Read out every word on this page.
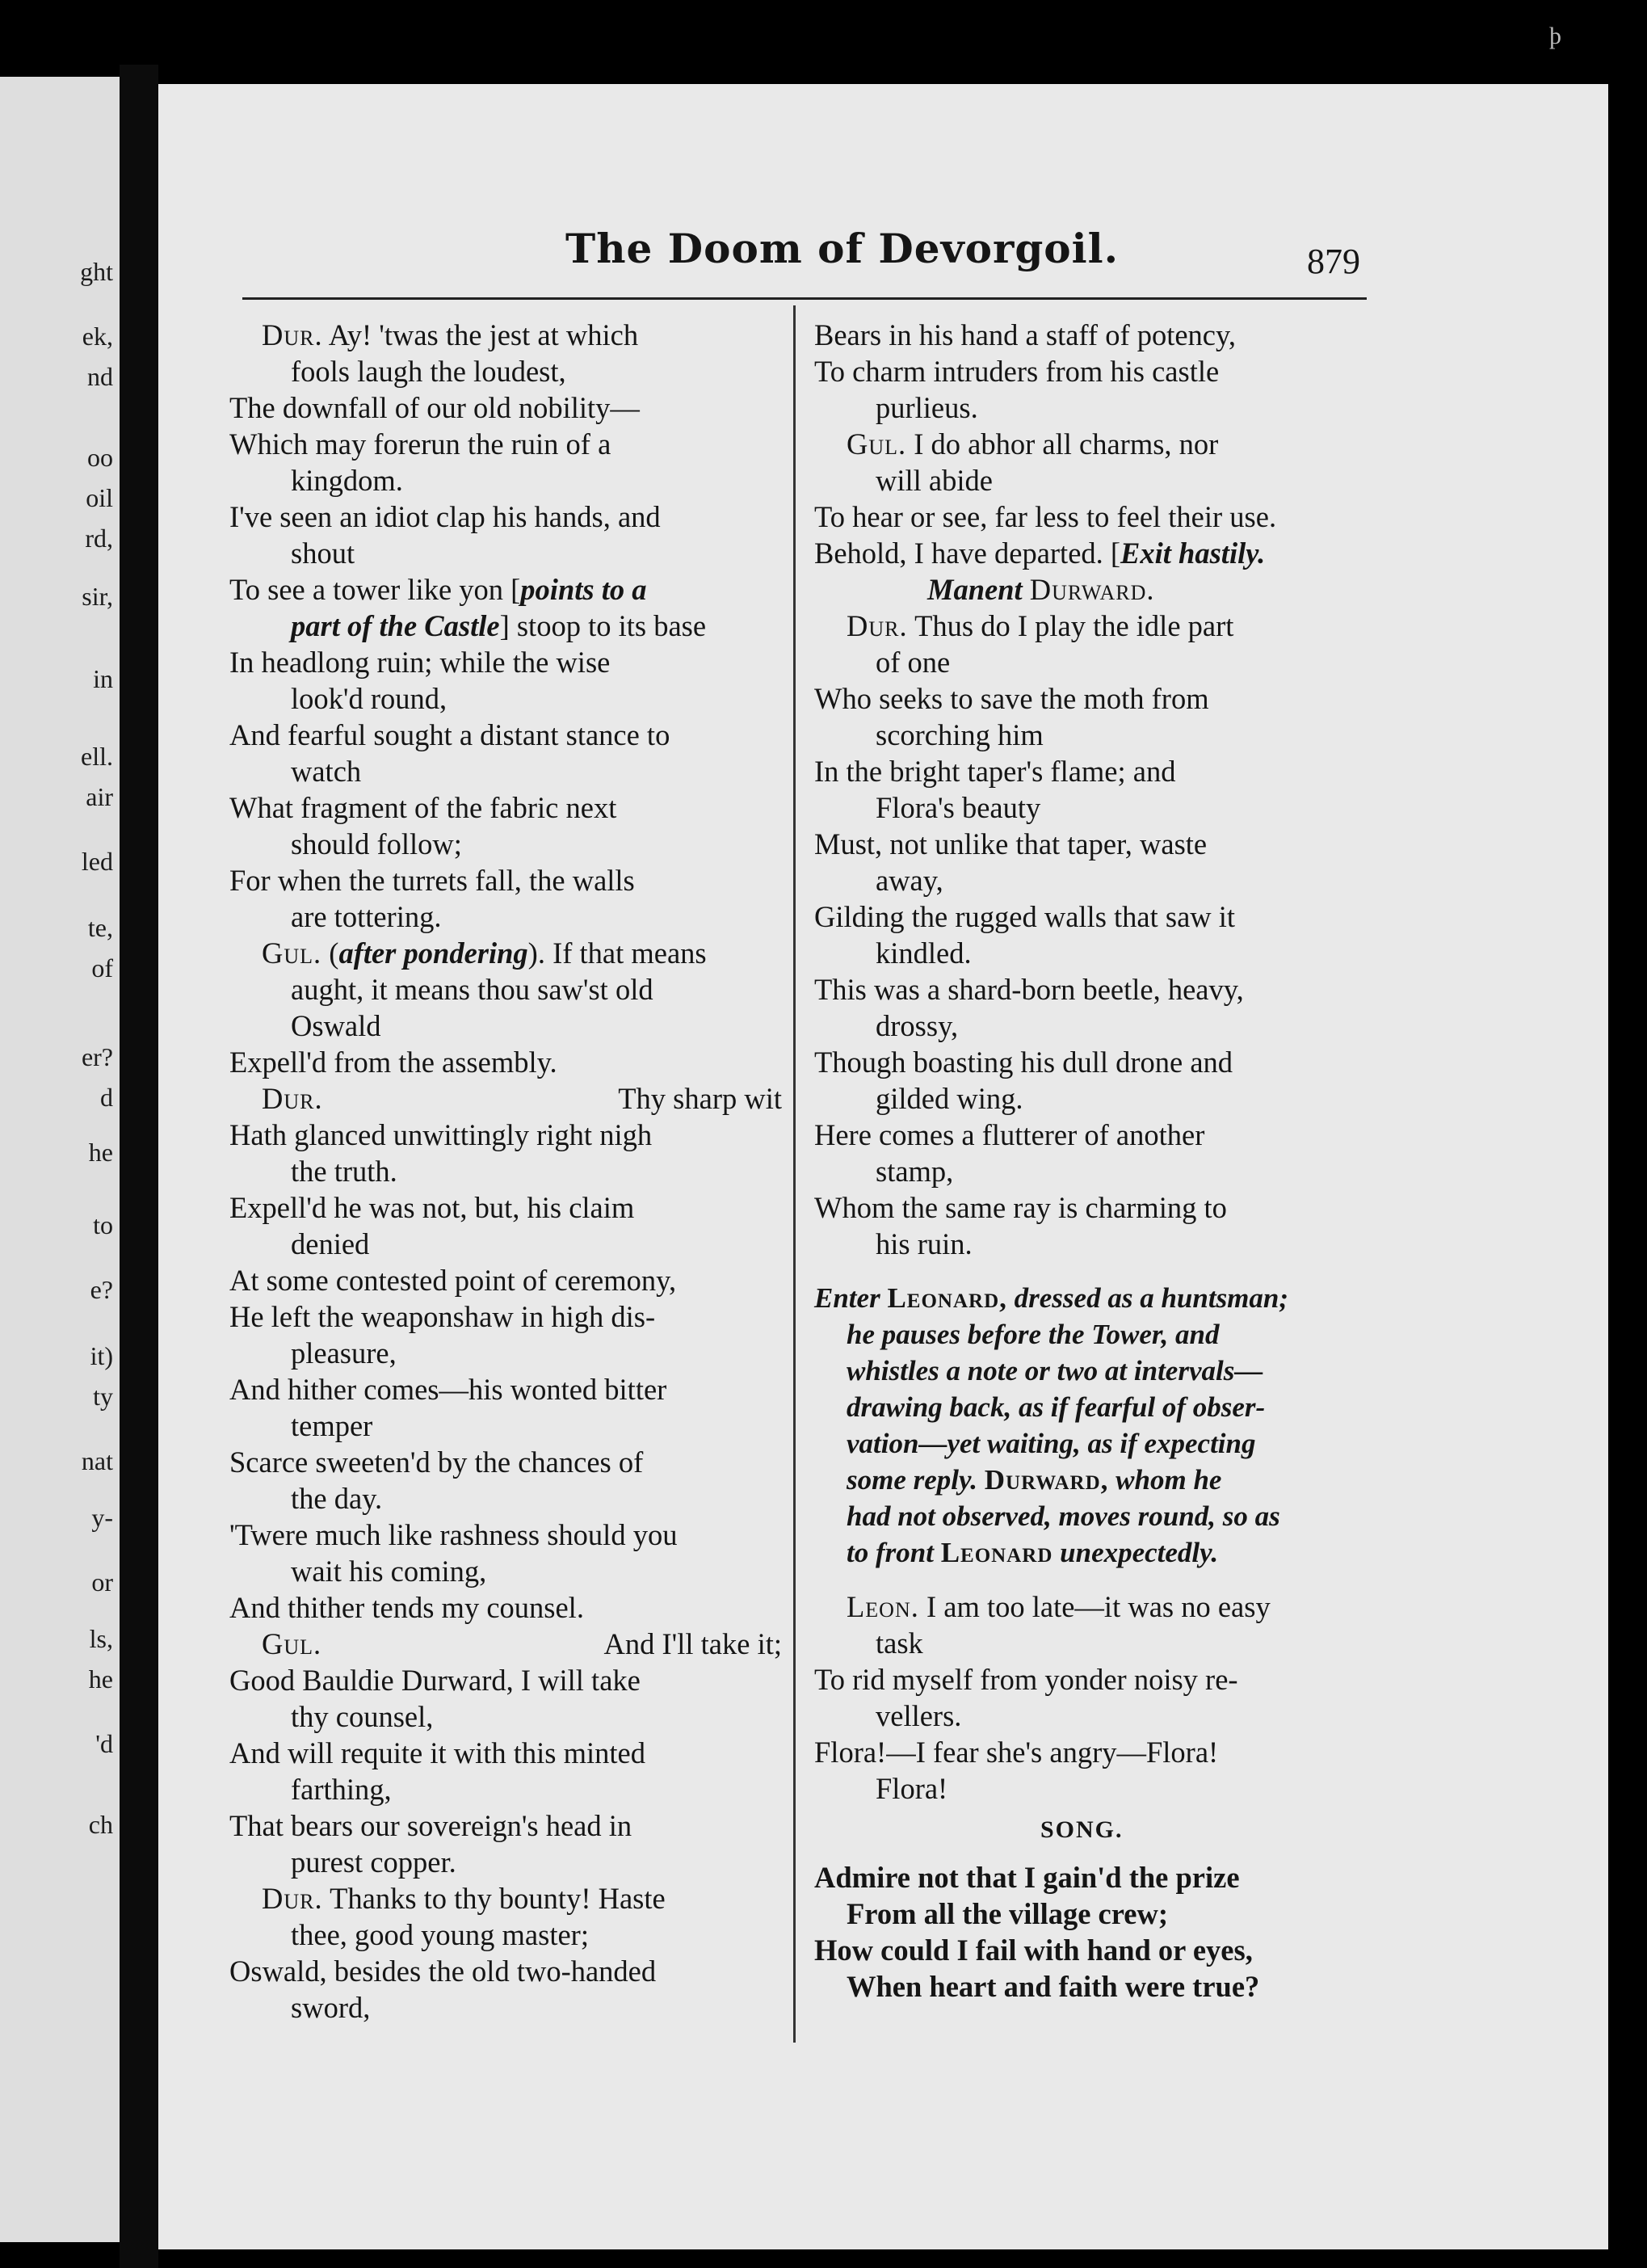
ght
ek,
nd
oo
oil
rd,
sir,
in
ell.
air
led
te,
of
er?
d
he
to
e?
it)
ty
nat
y-
or
ls,
he
'd
ch
þ
The Doom of Devorgoil.	879
Dur. Ay! 'twas the jest at which
fools laugh the loudest,
The downfall of our old nobility—
Which may forerun the ruin of a
kingdom.
I've seen an idiot clap his hands, and
shout
To see a tower like yon [points to a
part of the Castle] stoop to its base
In headlong ruin; while the wise
look'd round,
And fearful sought a distant stance to
watch
What fragment of the fabric next
should follow;
For when the turrets fall, the walls
are tottering.
Gul. (after pondering). If that means
aught, it means thou saw'st old
Oswald
Expell'd from the assembly.
Dur.	Thy sharp wit
Hath glanced unwittingly right nigh
the truth.
Expell'd he was not, but, his claim
denied
At some contested point of ceremony,
He left the weaponshaw in high dis-
pleasure,
And hither comes—his wonted bitter
temper
Scarce sweeten'd by the chances of
the day.
'Twere much like rashness should you
wait his coming,
And thither tends my counsel.
Gul.	And I'll take it;
Good Bauldie Durward, I will take
thy counsel,
And will requite it with this minted
farthing,
That bears our sovereign's head in
purest copper.
Dur. Thanks to thy bounty! Haste
thee, good young master;
Oswald, besides the old two-handed
sword,
Bears in his hand a staff of potency,
To charm intruders from his castle
purlieus.
Gul. I do abhor all charms, nor
will abide
To hear or see, far less to feel their use.
Behold, I have departed. [Exit hastily.
Manent Durward.
Dur. Thus do I play the idle part
of one
Who seeks to save the moth from
scorching him
In the bright taper's flame; and
Flora's beauty
Must, not unlike that taper, waste
away,
Gilding the rugged walls that saw it
kindled.
This was a shard-born beetle, heavy,
drossy,
Though boasting his dull drone and
gilded wing.
Here comes a flutterer of another
stamp,
Whom the same ray is charming to
his ruin.
Enter Leonard, dressed as a huntsman;
he pauses before the Tower, and
whistles a note or two at intervals—
drawing back, as if fearful of obser-
vation—yet waiting, as if expecting
some reply. Durward, whom he
had not observed, moves round, so as
to front Leonard unexpectedly.
Leon. I am too late—it was no easy
task
To rid myself from yonder noisy re-
vellers.
Flora!—I fear she's angry—Flora!
Flora!
SONG.
Admire not that I gain'd the prize
From all the village crew;
How could I fail with hand or eyes,
When heart and faith were true?
